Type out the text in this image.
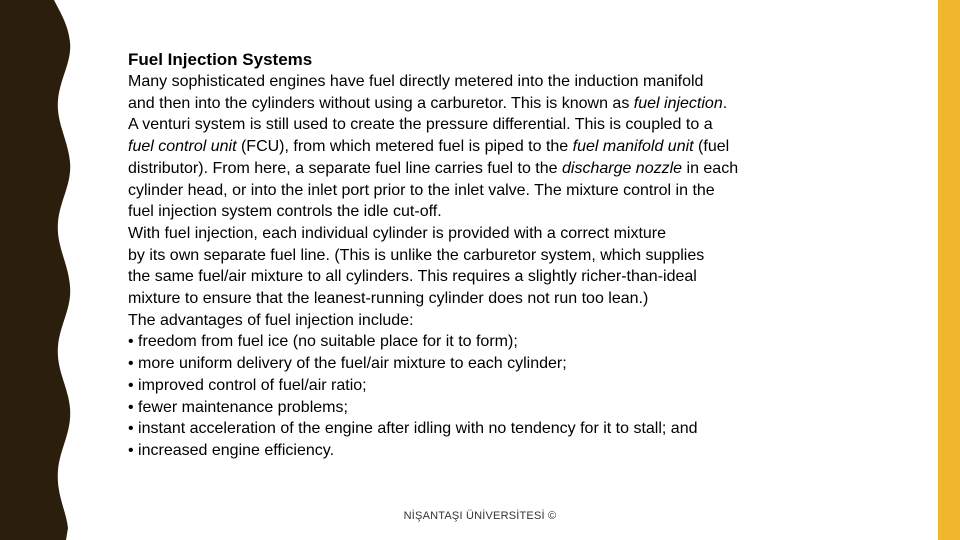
Fuel Injection Systems
Many sophisticated engines have fuel directly metered into the induction manifold
and then into the cylinders without using a carburetor. This is known as fuel injection.
A venturi system is still used to create the pressure differential. This is coupled to a
fuel control unit (FCU), from which metered fuel is piped to the fuel manifold unit (fuel
distributor). From here, a separate fuel line carries fuel to the discharge nozzle in each
cylinder head, or into the inlet port prior to the inlet valve. The mixture control in the
fuel injection system controls the idle cut-off.
With fuel injection, each individual cylinder is provided with a correct mixture
by its own separate fuel line. (This is unlike the carburetor system, which supplies
the same fuel/air mixture to all cylinders. This requires a slightly richer-than-ideal
mixture to ensure that the leanest-running cylinder does not run too lean.)
The advantages of fuel injection include:
• freedom from fuel ice (no suitable place for it to form);
• more uniform delivery of the fuel/air mixture to each cylinder;
• improved control of fuel/air ratio;
• fewer maintenance problems;
• instant acceleration of the engine after idling with no tendency for it to stall; and
• increased engine efficiency.
NİŞANTAŞI ÜNİVERSİTESİ ©
